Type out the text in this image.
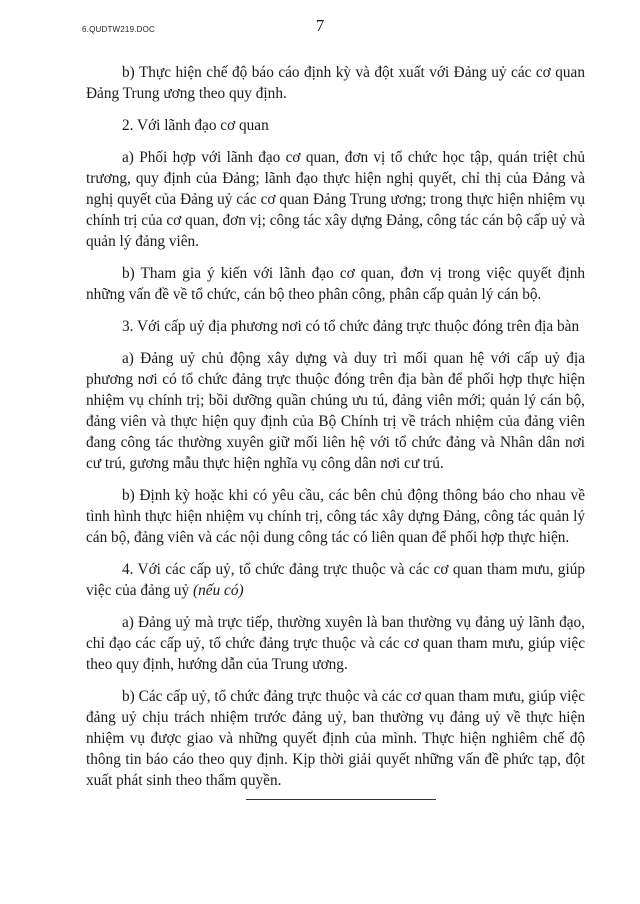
6.QUDTW219.DOC	7

b) Thực hiện chế độ báo cáo định kỳ và đột xuất với Đảng uỷ các cơ quan Đảng Trung ương theo quy định.

2. Với lãnh đạo cơ quan

a) Phối hợp với lãnh đạo cơ quan, đơn vị tổ chức học tập, quán triệt chủ trương, quy định của Đảng; lãnh đạo thực hiện nghị quyết, chỉ thị của Đảng và nghị quyết của Đảng uỷ các cơ quan Đảng Trung ương; trong thực hiện nhiệm vụ chính trị của cơ quan, đơn vị; công tác xây dựng Đảng, công tác cán bộ cấp uỷ và quản lý đảng viên.

b) Tham gia ý kiến với lãnh đạo cơ quan, đơn vị trong việc quyết định những vấn đề về tổ chức, cán bộ theo phân công, phân cấp quản lý cán bộ.

3. Với cấp uỷ địa phương nơi có tổ chức đảng trực thuộc đóng trên địa bàn

a) Đảng uỷ chủ động xây dựng và duy trì mối quan hệ với cấp uỷ địa phương nơi có tổ chức đảng trực thuộc đóng trên địa bàn để phối hợp thực hiện nhiệm vụ chính trị; bồi dưỡng quần chúng ưu tú, đảng viên mới; quản lý cán bộ, đảng viên và thực hiện quy định của Bộ Chính trị về trách nhiệm của đảng viên đang công tác thường xuyên giữ mối liên hệ với tổ chức đảng và Nhân dân nơi cư trú, gương mẫu thực hiện nghĩa vụ công dân nơi cư trú.

b) Định kỳ hoặc khi có yêu cầu, các bên chủ động thông báo cho nhau về tình hình thực hiện nhiệm vụ chính trị, công tác xây dựng Đảng, công tác quản lý cán bộ, đảng viên và các nội dung công tác có liên quan để phối hợp thực hiện.

4. Với các cấp uỷ, tổ chức đảng trực thuộc và các cơ quan tham mưu, giúp việc của đảng uỷ (nếu có)

a) Đảng uỷ mà trực tiếp, thường xuyên là ban thường vụ đảng uỷ lãnh đạo, chỉ đạo các cấp uỷ, tổ chức đảng trực thuộc và các cơ quan tham mưu, giúp việc theo quy định, hướng dẫn của Trung ương.

b) Các cấp uỷ, tổ chức đảng trực thuộc và các cơ quan tham mưu, giúp việc đảng uỷ chịu trách nhiệm trước đảng uỷ, ban thường vụ đảng uỷ về thực hiện nhiệm vụ được giao và những quyết định của mình. Thực hiện nghiêm chế độ thông tin báo cáo theo quy định. Kịp thời giải quyết những vấn đề phức tạp, đột xuất phát sinh theo thẩm quyền.
